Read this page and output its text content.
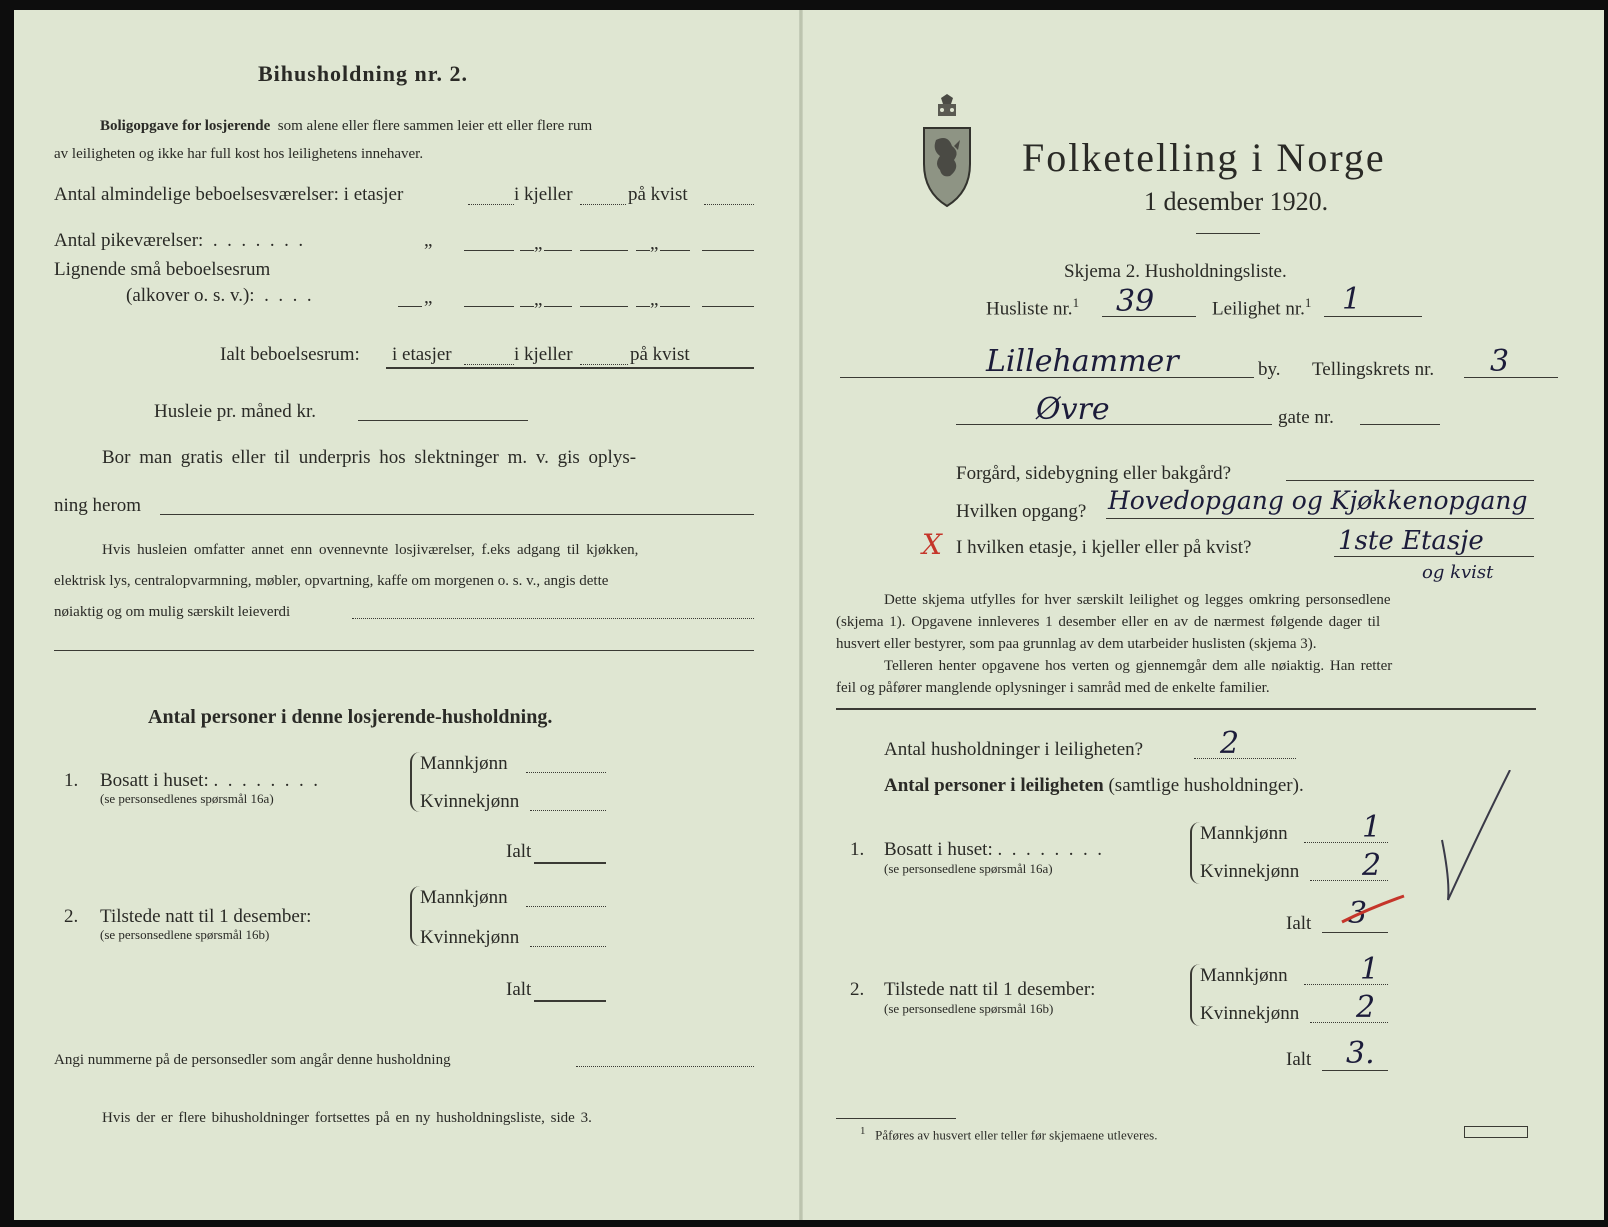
Bihusholdning nr. 2.
Boligopgave for losjerende som alene eller flere sammen leier ett eller flere rum
av leiligheten og ikke har full kost hos leilighetens innehaver.
Antal almindelige beboelsesværelser: i etasjer	i kjeller	på kvist
Antal pikeværelser:  .  .  .  .  .  .  .	„	„	„
Lignende små beboelsesrum
(alkover o. s. v.):  .  .  .  .	„	„	„
Ialt beboelsesrum: i etasjer	i kjeller	på kvist
Husleie pr. måned kr.
Bor man gratis eller til underpris hos slektninger m. v. gis oplys-
ning herom
Hvis husleien omfatter annet enn ovennevnte losjiværelser, f.eks adgang til kjøkken,
elektrisk lys, centralopvarmning, møbler, opvartning, kaffe om morgenen o. s. v., angis dette
nøiaktig og om mulig særskilt leieverdi
Antal personer i denne losjerende-husholdning.
1. Bosatt i huset: .  .  .  .  .  .  .  .
(se personsedlenes spørsmål 16a)
Mannkjønn
Kvinnekjønn
Ialt
2. Tilstede natt til 1 desember:
(se personsedlene spørsmål 16b)
Mannkjønn
Kvinnekjønn
Ialt
Angi nummerne på de personsedler som angår denne husholdning
Hvis der er flere bihusholdninger fortsettes på en ny husholdningsliste, side 3.
Folketelling i Norge
1 desember 1920.
Skjema 2. Husholdningsliste.
Husliste nr.$^1$ 39	Leilighet nr.$^1$ 1
Lillehammer	by. Tellingskrets nr. 3
Øvre	gate nr.
Forgård, sidebygning eller bakgård?
Hvilken opgang? Hovedopgang og Kjøkkenopgang
X I hvilken etasje, i kjeller eller på kvist?	1ste Etasje
og kvist
Dette skjema utfylles for hver særskilt leilighet og legges omkring personsedlene
(skjema 1). Opgavene innleveres 1 desember eller en av de nærmest følgende dager til
husvert eller bestyrer, som paa grunnlag av dem utarbeider huslisten (skjema 3).
Telleren henter opgavene hos verten og gjennemgår dem alle nøiaktig. Han retter
feil og påfører manglende oplysninger i samråd med de enkelte familier.
Antal husholdninger i leiligheten?	2
Antal personer i leiligheten (samtlige husholdninger).
1. Bosatt i huset: .  .  .  .  .  .  .  .
(se personsedlene spørsmål 16a)
Mannkjønn 1
Kvinnekjønn 2
Ialt 3
2. Tilstede natt til 1 desember:
(se personsedlene spørsmål 16b)
Mannkjønn 1
Kvinnekjønn 2
Ialt 3.
$^1$ Påføres av husvert eller teller før skjemaene utleveres.
